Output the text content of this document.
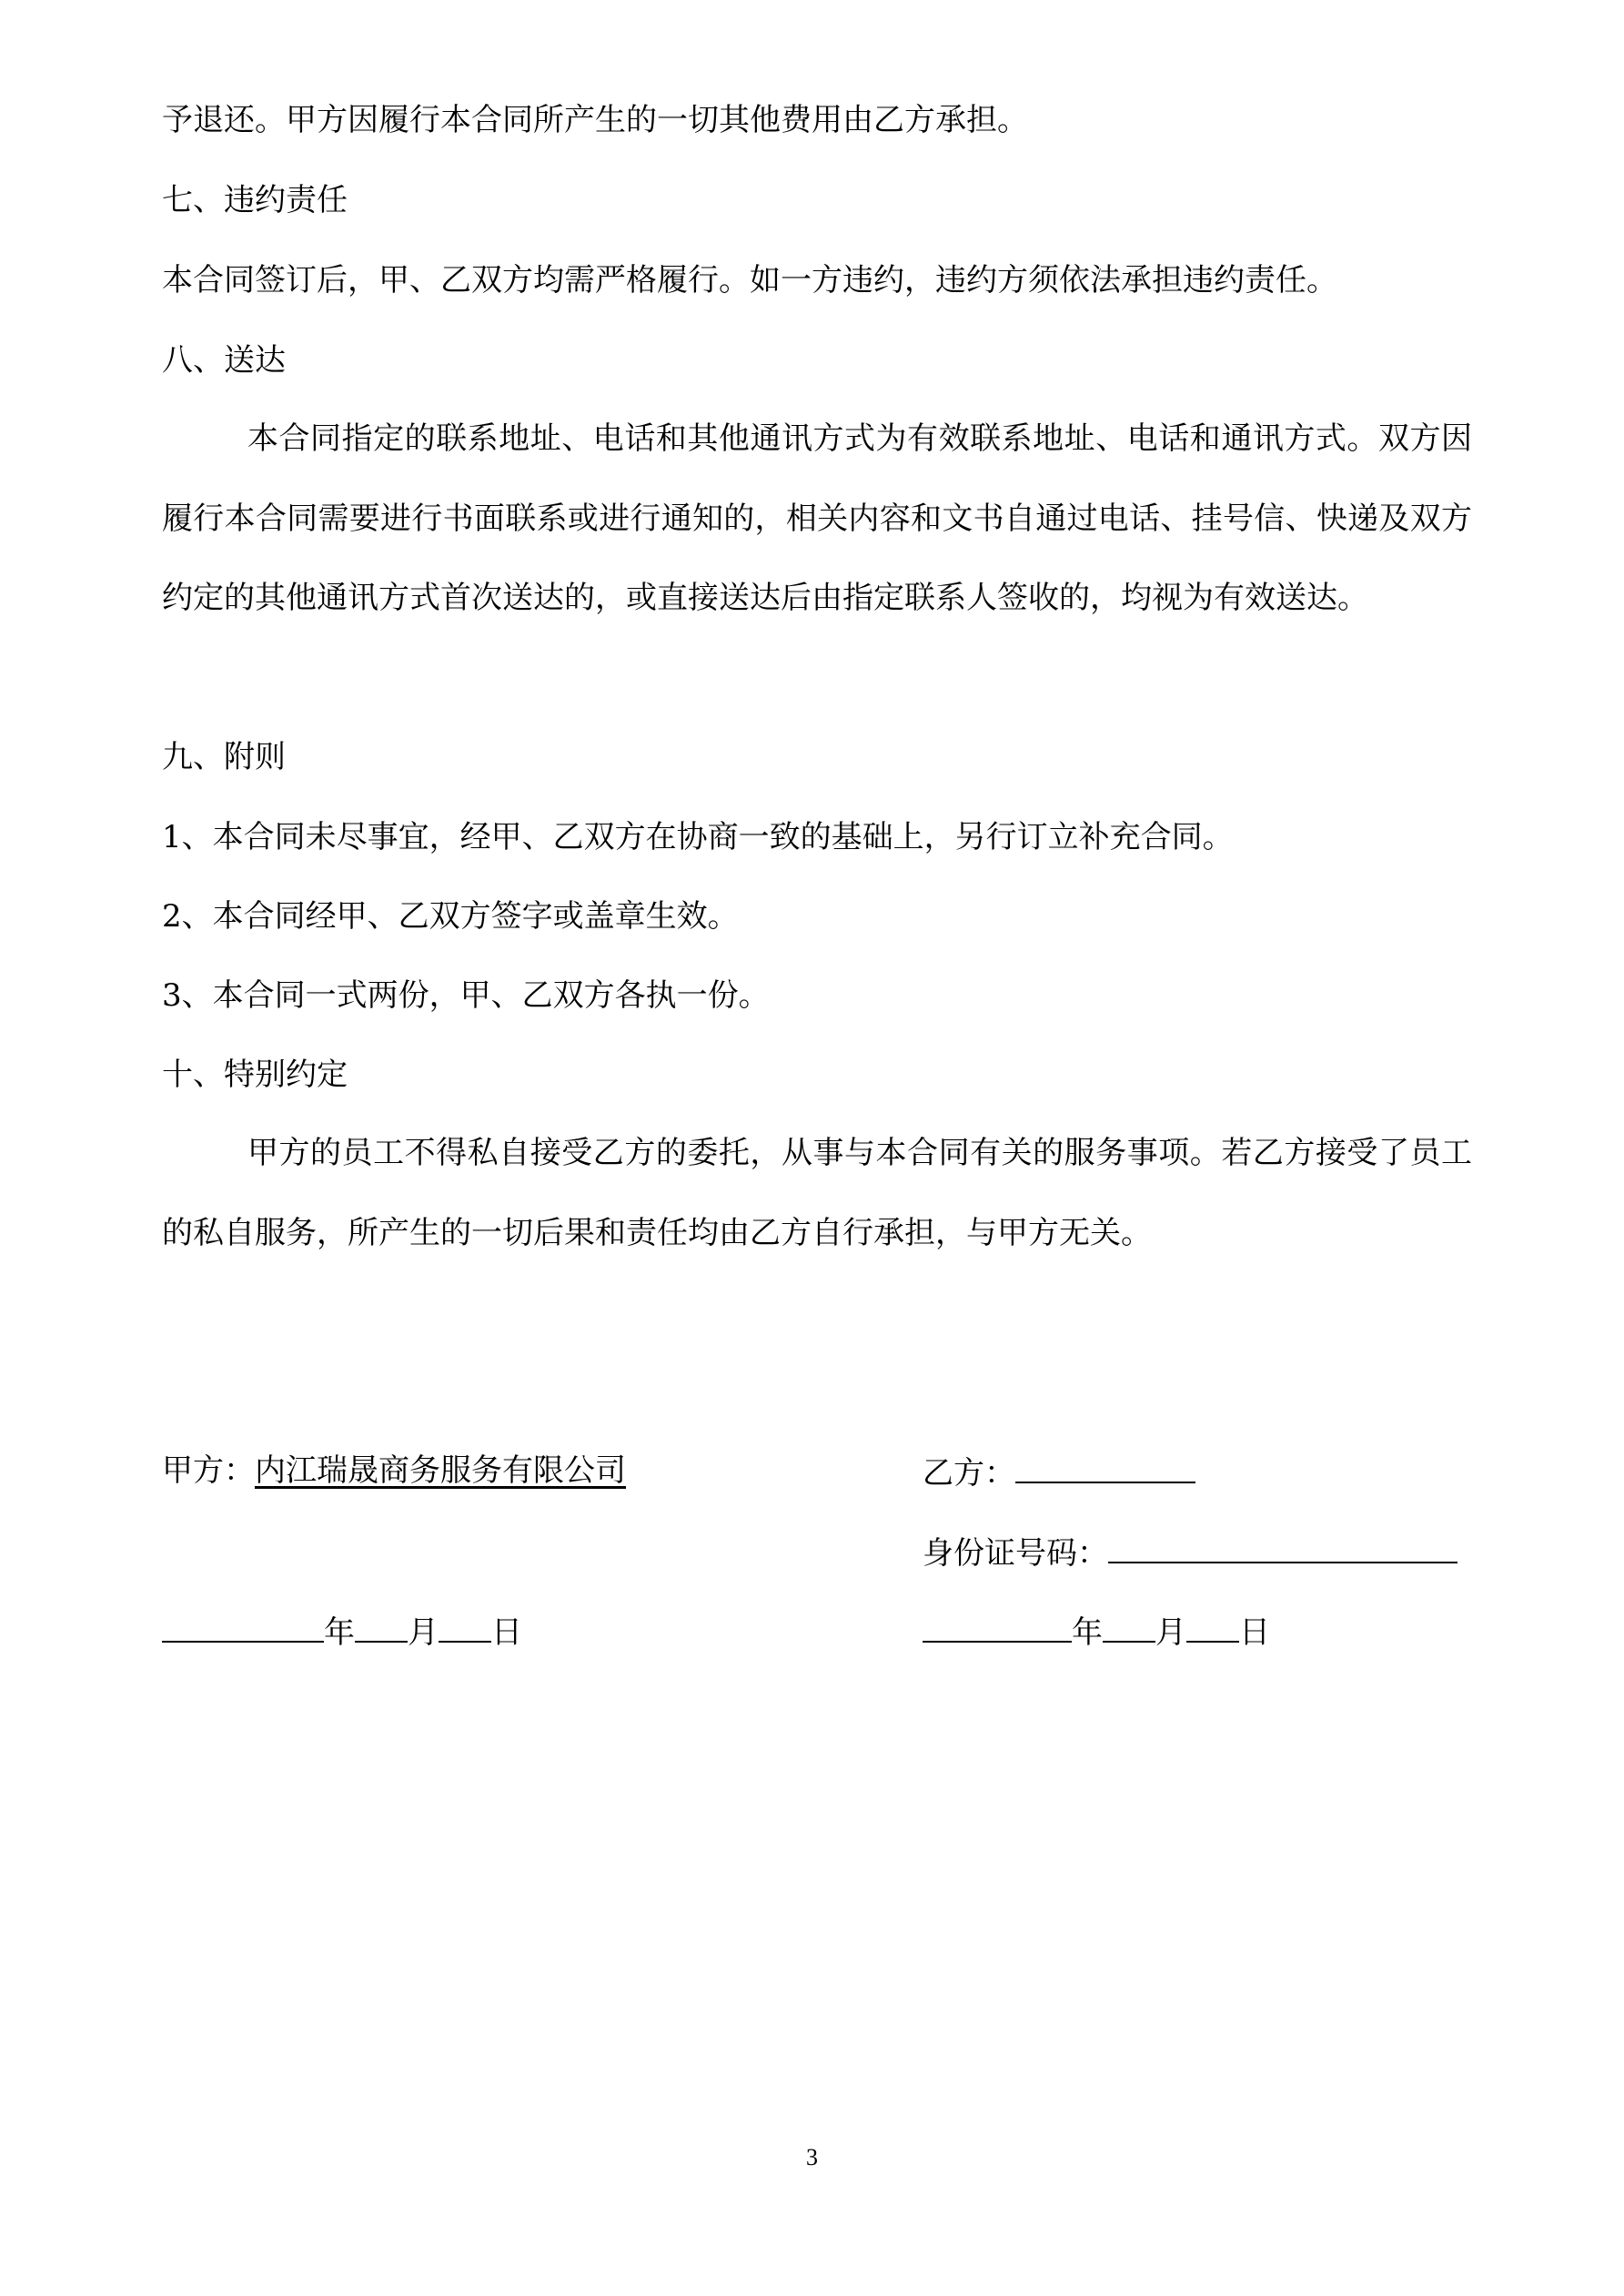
予退还。甲方因履行本合同所产生的一切其他费用由乙方承担。
七、违约责任
本合同签订后，甲、乙双方均需严格履行。如一方违约，违约方须依法承担违约责任。
八、送达
本合同指定的联系地址、电话和其他通讯方式为有效联系地址、电话和通讯方式。双方因履行本合同需要进行书面联系或进行通知的，相关内容和文书自通过电话、挂号信、快递及双方约定的其他通讯方式首次送达的，或直接送达后由指定联系人签收的，均视为有效送达。
九、附则
1、本合同未尽事宜，经甲、乙双方在协商一致的基础上，另行订立补充合同。
2、本合同经甲、乙双方签字或盖章生效。
3、本合同一式两份，甲、乙双方各执一份。
十、特别约定
甲方的员工不得私自接受乙方的委托，从事与本合同有关的服务事项。若乙方接受了员工的私自服务，所产生的一切后果和责任均由乙方自行承担，与甲方无关。
甲方：内江瑞晟商务服务有限公司	乙方：
身份证号码：
年 月 日	年 月 日
3
